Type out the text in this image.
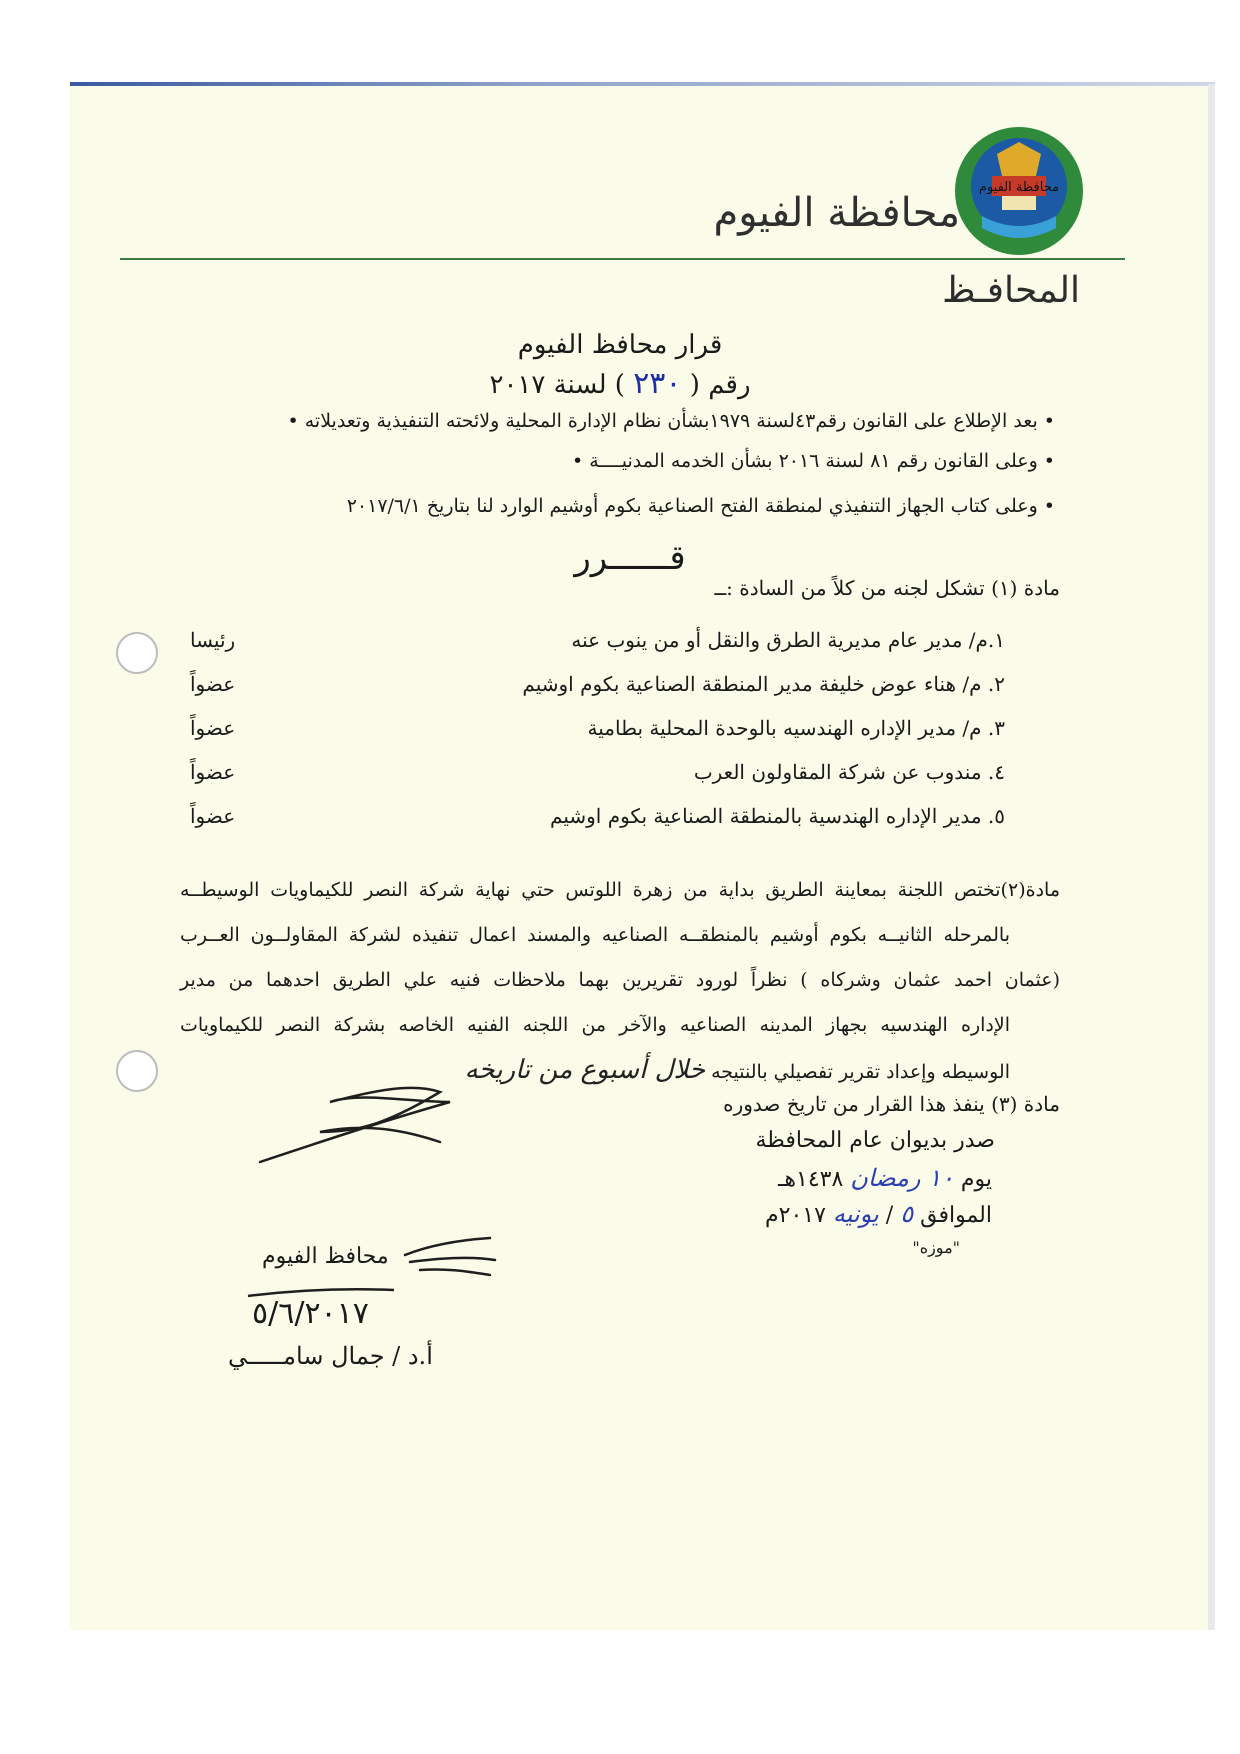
محافظة الفيوم
محافظة الفيوم
المحافـظ
قرار محافظ الفيوم
رقم ( ٢٣٠ ) لسنة ٢٠١٧
• بعد الإطلاع على القانون رقم٤٣لسنة ١٩٧٩بشأن نظام الإدارة المحلية ولائحته التنفيذية وتعديلاته •
• وعلى القانون رقم ٨١ لسنة ٢٠١٦ بشأن الخدمه المدنيــــة •
• وعلى كتاب الجهاز التنفيذي لمنطقة الفتح الصناعية بكوم أوشيم الوارد لنا بتاريخ ٢٠١٧/٦/١
قــــــرر
مادة (١) تشكل لجنه من كلاً من السادة :ــ
١.م/ مدير عام مديرية الطرق والنقل أو من ينوب عنه
رئيسا
٢. م/ هناء عوض خليفة مدير المنطقة الصناعية بكوم اوشيم
عضواً
٣. م/ مدير الإداره الهندسيه بالوحدة المحلية بطامية
عضواً
٤. مندوب عن شركة المقاولون العرب
عضواً
٥. مدير الإداره الهندسية بالمنطقة الصناعية بكوم اوشيم
عضواً
مادة(٢)تختص اللجنة بمعاينة الطريق بداية من زهرة اللوتس حتي نهاية شركة النصر للكيماويات الوسيطــه
بالمرحله الثانيــه بكوم أوشيم بالمنطقــه الصناعيه والمسند اعمال تنفيذه لشركة المقاولــون العــرب
(عثمان احمد عثمان وشركاه ) نظراً لورود تقريرين بهما ملاحظات فنيه علي الطريق احدهما من مدير
الإداره الهندسيه بجهاز المدينه الصناعيه والآخر من اللجنه الفنيه الخاصه بشركة النصر للكيماويات
الوسيطه وإعداد تقرير تفصيلي بالنتيجه خلال أسبوع من تاريخه
مادة (٣) ينفذ هذا القرار من تاريخ صدوره
صدر بديوان عام المحافظة
يوم ١٠ رمضان ١٤٣٨هـ
الموافق ٥ / يونيه ٢٠١٧م
"موزه"
محافظ الفيوم
٥/٦/٢٠١٧
أ.د / جمال سامـــــي
